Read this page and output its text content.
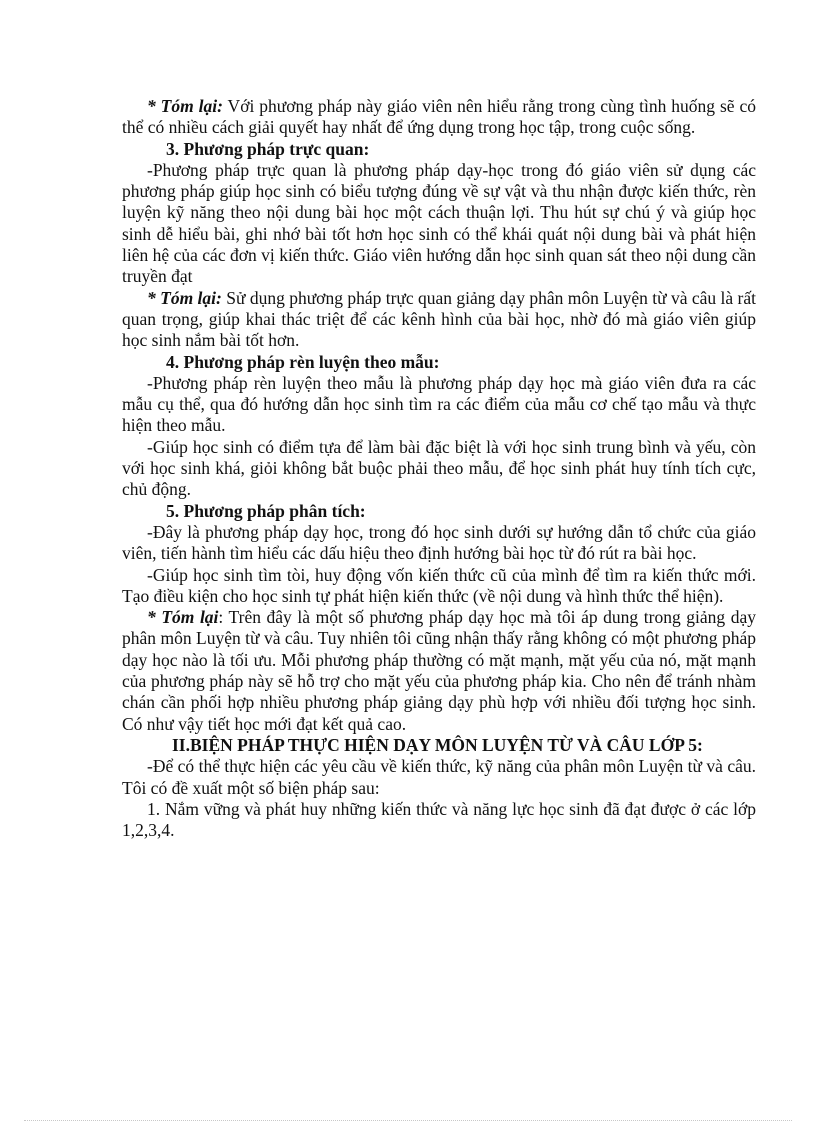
* Tóm lại: Với phương pháp này giáo viên nên hiểu rằng trong cùng tình huống sẽ có thể có nhiều cách giải quyết hay nhất để ứng dụng trong học tập, trong cuộc sống.

3. Phương pháp trực quan:

-Phương pháp trực quan là phương pháp dạy-học trong đó giáo viên sử dụng các phương pháp giúp học sinh có biểu tượng đúng về sự vật và thu nhận được kiến thức, rèn luyện kỹ năng theo nội dung bài học một cách thuận lợi. Thu hút sự chú ý và giúp học sinh dễ hiểu bài, ghi nhớ bài tốt hơn học sinh có thể khái quát nội dung bài và phát hiện liên hệ của các đơn vị kiến thức. Giáo viên hướng dẫn học sinh quan sát theo nội dung cần truyền đạt

* Tóm lại: Sử dụng phương pháp trực quan giảng dạy phân môn Luyện từ và câu là rất quan trọng, giúp khai thác triệt để các kênh hình của bài học, nhờ đó mà giáo viên giúp học sinh nắm bài tốt hơn.

4. Phương pháp rèn luyện theo mẫu:

-Phương pháp rèn luyện theo mẫu là phương pháp dạy học mà giáo viên đưa ra các mẫu cụ thể, qua đó hướng dẫn học sinh tìm ra các điểm của mẫu cơ chế tạo mẫu và thực hiện theo mẫu.

-Giúp học sinh có điểm tựa để làm bài đặc biệt là với học sinh trung bình và yếu, còn với học sinh khá, giỏi không bắt buộc phải theo mẫu, để học sinh phát huy tính tích cực, chủ động.

5. Phương pháp phân tích:

-Đây là phương pháp dạy học, trong đó học sinh dưới sự hướng dẫn tổ chức của giáo viên, tiến hành tìm hiểu các dấu hiệu theo định hướng bài học từ đó rút ra bài học.

-Giúp học sinh tìm tòi, huy động vốn kiến thức cũ của mình để tìm ra kiến thức mới. Tạo điều kiện cho học sinh tự phát hiện kiến thức (về nội dung và hình thức thể hiện).

* Tóm lại: Trên đây là một số phương pháp dạy học mà tôi áp dung trong giảng dạy phân môn Luyện từ và câu. Tuy nhiên tôi cũng nhận thấy rằng không có một phương pháp dạy học nào là tối ưu. Mỗi phương pháp thường có mặt mạnh, mặt yếu của nó, mặt mạnh của phương pháp này sẽ hỗ trợ cho mặt yếu của phương pháp kia. Cho nên để tránh nhàm chán cần phối hợp nhiều phương pháp giảng dạy phù hợp với nhiều đối tượng học sinh. Có như vậy tiết học mới đạt kết quả cao.

II.BIỆN PHÁP THỰC HIỆN DẠY MÔN LUYỆN TỪ VÀ CÂU LỚP 5:

-Để có thể thực hiện các yêu cầu về kiến thức, kỹ năng của phân môn Luyện từ và câu. Tôi có đề xuất một số biện pháp sau:

1. Nắm vững và phát huy những kiến thức và năng lực học sinh đã đạt được ở các lớp 1,2,3,4.
